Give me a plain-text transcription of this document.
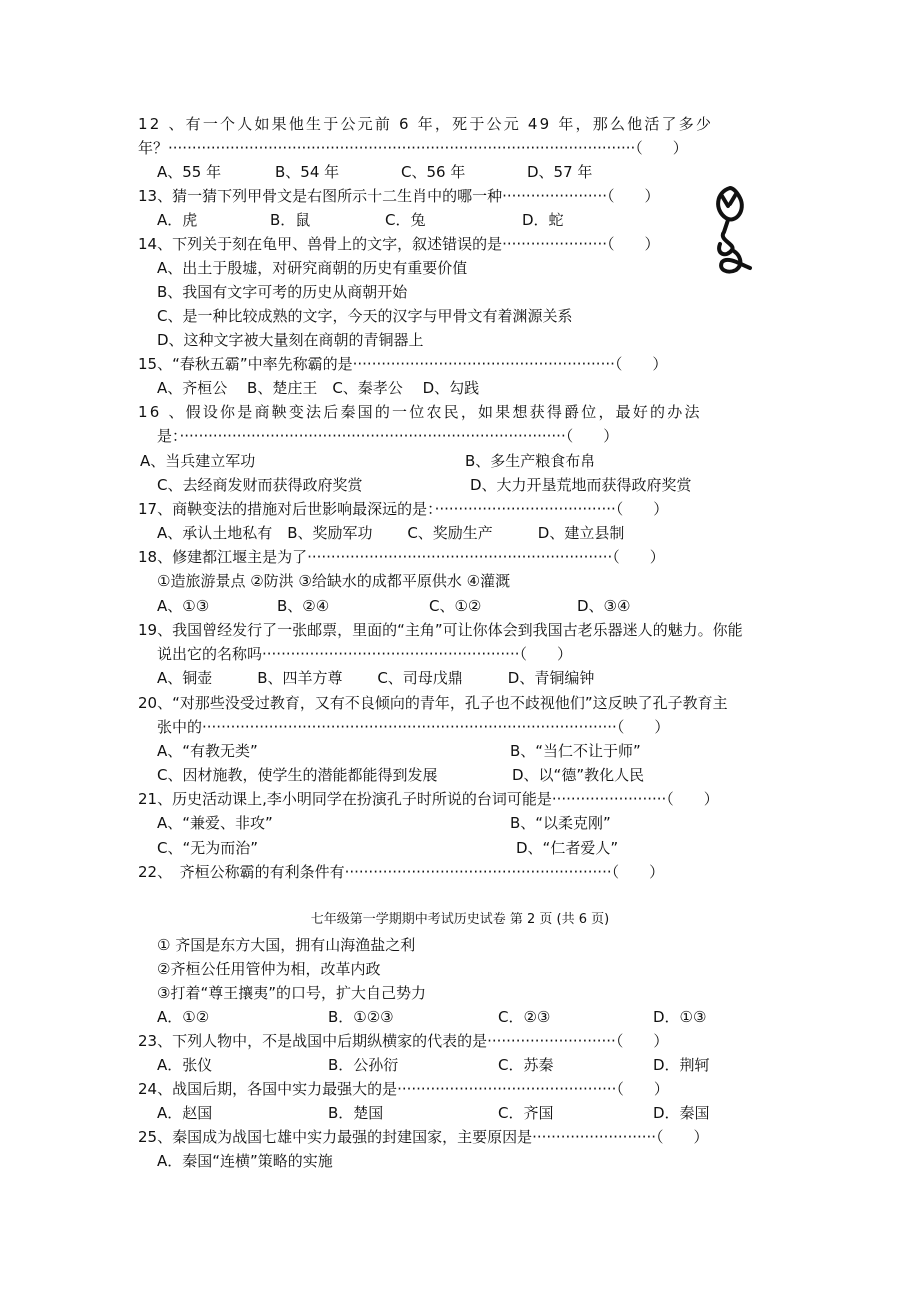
12 、有一个人如果他生于公元前 6 年，死于公元 49 年，那么他活了多少
年？··································································································（　　）
A、55 年	B、54 年	C、56 年	D、57 年
13、猜一猜下列甲骨文是右图所示十二生肖中的哪一种······················（　　）
A．虎	B．鼠	C．兔	D．蛇
14、下列关于刻在龟甲、兽骨上的文字，叙述错误的是······················（　　）
A、出土于殷墟，对研究商朝的历史有重要价值
B、我国有文字可考的历史从商朝开始
C、是一种比较成熟的文字，今天的汉字与甲骨文有着渊源关系
D、这种文字被大量刻在商朝的青铜器上
15、“春秋五霸”中率先称霸的是·······················································（　　）
A、齐桓公　 B、楚庄王　C、秦孝公　 D、勾践
16 、假设你是商鞅变法后秦国的一位农民，如果想获得爵位，最好的办法
是：·················································································（　　）
A、当兵建立军功	B、多生产粮食布帛
C、去经商发财而获得政府奖赏	D、大力开垦荒地而获得政府奖赏
17、商鞅变法的措施对后世影响最深远的是：······································（　　）
A、承认土地私有　B、奖励军功　　 C、奖励生产　　　D、建立县制
18、修建都江堰主是为了································································（　　）
①造旅游景点 ②防洪 ③给缺水的成都平原供水 ④灌溉
A、①③	B、②④	C、①②	D、③④
19、我国曾经发行了一张邮票，里面的“主角”可让你体会到我国古老乐器迷人的魅力。你能
说出它的名称吗······················································（　　）
A、铜壶　　　B、四羊方尊　　 C、司母戊鼎　　　D、青铜编钟
20、“对那些没受过教育，又有不良倾向的青年，孔子也不歧视他们”这反映了孔子教育主
张中的·······················································································（　　）
A、“有教无类”	B、“当仁不让于师”
C、因材施教，使学生的潜能都能得到发展	D、以“德”教化人民
21、历史活动课上,李小明同学在扮演孔子时所说的台词可能是························（　　）
A、“兼爱、非攻”	B、“以柔克刚”
C、“无为而治”	D、“仁者爱人”
22、　齐桓公称霸的有利条件有························································（　　）
七年级第一学期期中考试历史试卷 第 2 页 (共 6 页)
① 齐国是东方大国，拥有山海渔盐之利
②齐桓公任用管仲为相，改革内政
③打着“尊王攘夷”的口号，扩大自己势力
A．①②	B．①②③	C．②③	D．①③
23、下列人物中，不是战国中后期纵横家的代表的是···························（　　）
A．张仪	B．公孙衍	C．苏秦	D．荆轲
24、战国后期，各国中实力最强大的是··············································（　　）
A．赵国	B．楚国	C．齐国	D．秦国
25、秦国成为战国七雄中实力最强的封建国家，主要原因是··························（　　）
A．秦国“连横”策略的实施
